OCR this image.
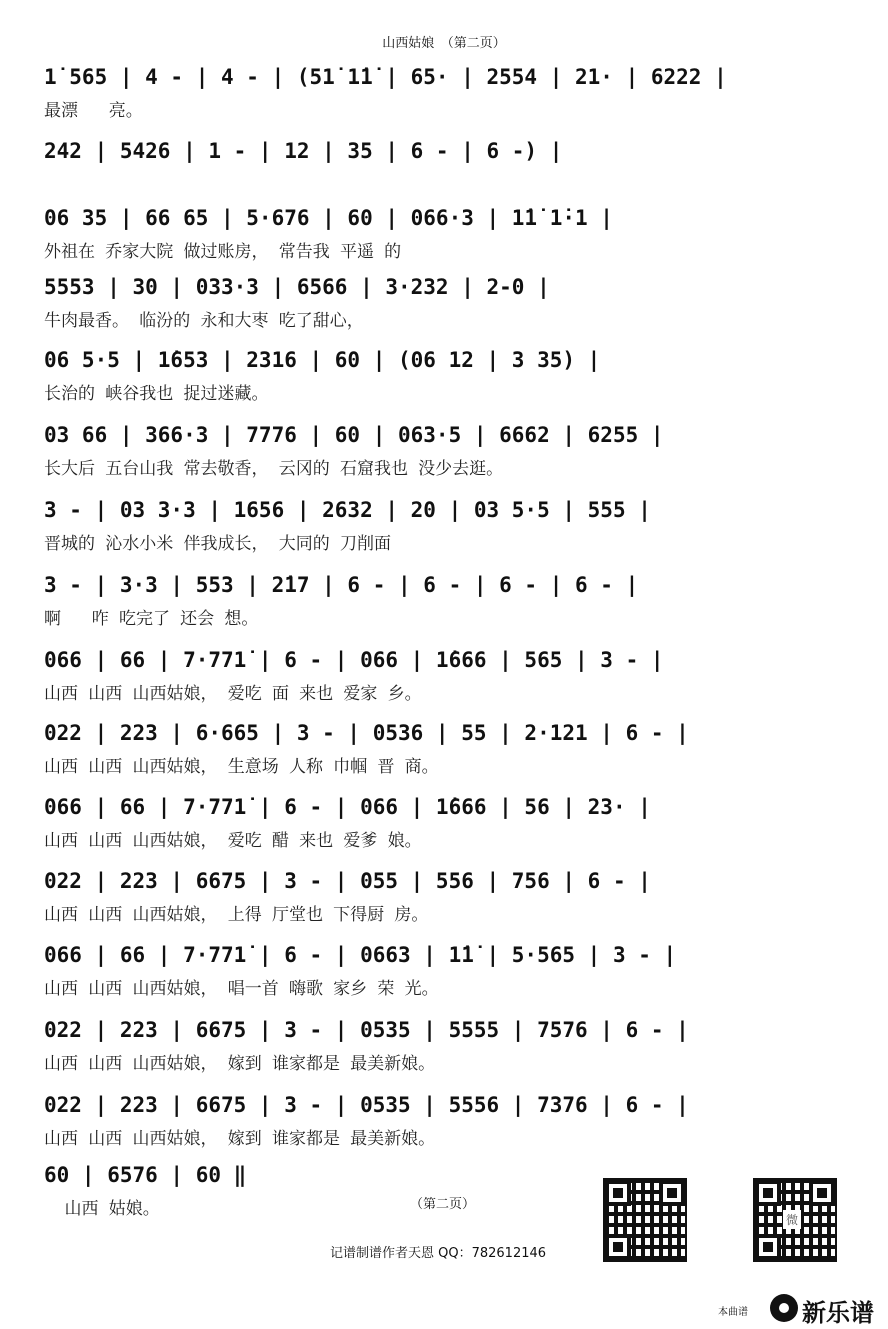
山西姑娘　（第二页）
1̇ 565 | 4 - | 4 - | (51̇ 1̇1̇ | 65· | 2554 | 21· | 6222 |
最漂   亮。
242 | 5426 | 1 - | 12 | 35 | 6 - | 6 -) |
06 35 | 66 65 | 5·676 | 60 | 066·3 | 1̇1̇ 1̇·1 |
外祖在 乔家大院 做过账房， 常告我 平遥 的
5553 | 30 | 033·3 | 6566 | 3·232 | 2-0 |
牛肉最香。 临汾的 永和大枣 吃了甜心，
06 5·5 | 1̇653 | 2316 | 60 | (06 12 | 3 35) |
长治的 峡谷我也 捉过迷藏。
03 66 | 366·3 | 7776 | 60 | 063·5 | 6662 | 6255 |
长大后 五台山我 常去敬香， 云冈的 石窟我也 没少去逛。
3 - | 03 3·3 | 1656 | 2632 | 20 | 03 5·5 | 555 |
晋城的 沁水小米 伴我成长， 大同的 刀削面
3 - | 3·3 | 553 | 2̇17 | 6 - | 6 - | 6 - | 6 - |
啊   咋 吃完了 还会 想。
066 | 66 | 7·771̇ | 6 - | 066 | 1̇666 | 565 | 3 - |
山西 山西 山西姑娘， 爱吃 面 来也 爱家 乡。
022 | 223 | 6·665 | 3 - | 0536 | 55 | 2·121 | 6 - |
山西 山西 山西姑娘， 生意场 人称 巾帼 晋 商。
066 | 66 | 7·771̇ | 6 - | 066 | 1̇666 | 56 | 23· |
山西 山西 山西姑娘， 爱吃 醋 来也 爱爹 娘。
022 | 223 | 6675 | 3 - | 055 | 556 | 756 | 6 - |
山西 山西 山西姑娘， 上得 厅堂也 下得厨 房。
066 | 66 | 7·771̇ | 6 - | 0663 | 1̇1̇ | 5·565 | 3 - |
山西 山西 山西姑娘， 唱一首 嗨歌 家乡 荣 光。
022 | 223 | 6675 | 3 - | 0535 | 5555 | 7576 | 6 - |
山西 山西 山西姑娘， 嫁到 谁家都是 最美新娘。
022 | 223 | 6675 | 3 - | 0535 | 5556 | 7376 | 6 - |
山西 山西 山西姑娘， 嫁到 谁家都是 最美新娘。
60 | 6576 | 60 ‖
山西 姑娘。	（第二页）
记谱制谱作者天恩 QQ：782612146
微
本曲谱 新乐谱
